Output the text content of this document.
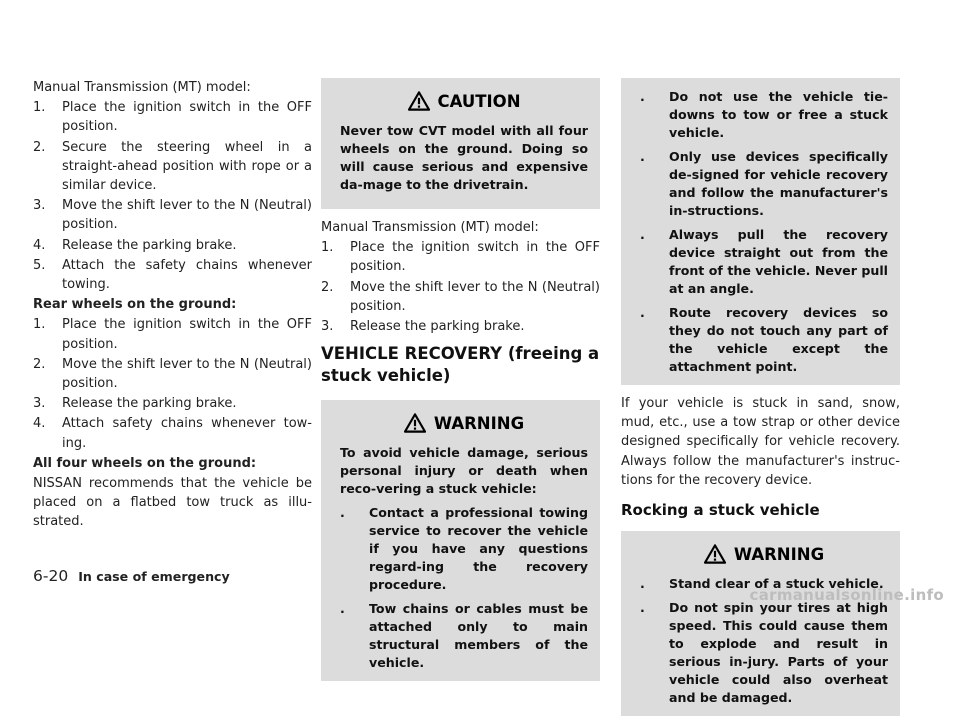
Manual Transmission (MT) model:

1.	Place the ignition switch in the OFF position.
2.	Secure the steering wheel in a straight-ahead position with rope or a similar device.
3.	Move the shift lever to the N (Neutral) position.
4.	Release the parking brake.
5.	Attach the safety chains whenever towing.

Rear wheels on the ground:

1.	Place the ignition switch in the OFF position.
2.	Move the shift lever to the N (Neutral) position.
3.	Release the parking brake.
4.	Attach safety chains whenever tow-ing.

All four wheels on the ground:

NISSAN recommends that the vehicle be placed on a flatbed tow truck as illu-strated.

CAUTION

Never tow CVT model with all four wheels on the ground. Doing so will cause serious and expensive da-mage to the drivetrain.

Manual Transmission (MT) model:

1.	Place the ignition switch in the OFF position.
2.	Move the shift lever to the N (Neutral) position.
3.	Release the parking brake.
VEHICLE RECOVERY (freeing a stuck vehicle)
WARNING

To avoid vehicle damage, serious personal injury or death when reco-vering a stuck vehicle:

.	Contact a professional towing service to recover the vehicle if you have any questions regard-ing the recovery procedure.
.	Tow chains or cables must be attached only to main structural members of the vehicle.
.	Do not use the vehicle tie-downs to tow or free a stuck vehicle.
.	Only use devices specifically de-signed for vehicle recovery and follow the manufacturer's in-structions.
.	Always pull the recovery device straight out from the front of the vehicle. Never pull at an angle.
.	Route recovery devices so they do not touch any part of the vehicle except the attachment point.

If your vehicle is stuck in sand, snow, mud, etc., use a tow strap or other device designed specifically for vehicle recovery. Always follow the manufacturer's instruc-tions for the recovery device.

Rocking a stuck vehicle
WARNING
.	Stand clear of a stuck vehicle.
.	Do not spin your tires at high speed. This could cause them to explode and result in serious in-jury. Parts of your vehicle could also overheat and be damaged.
6-20 In case of emergency
carmanualsonline.info
